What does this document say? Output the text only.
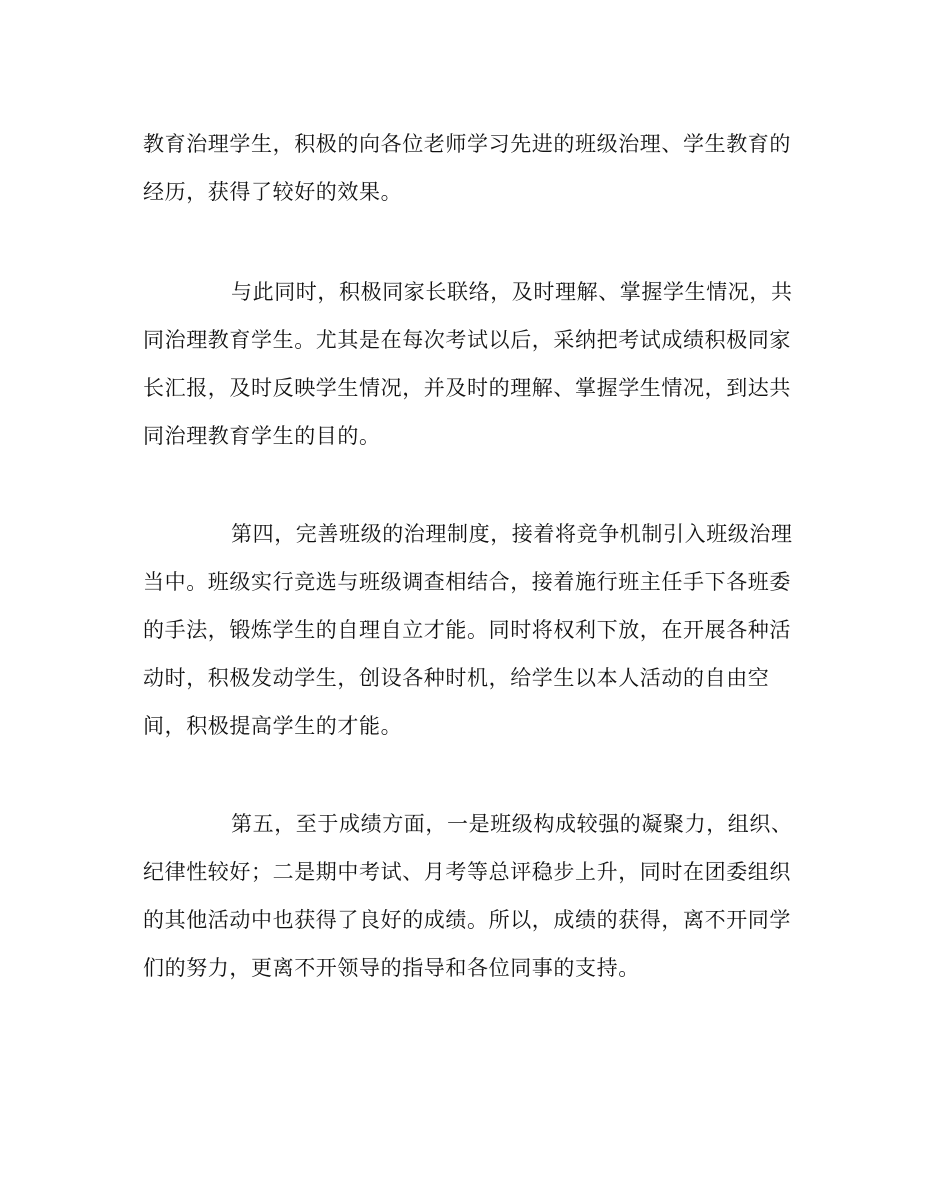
教育治理学生，积极的向各位老师学习先进的班级治理、学生教育的
经历，获得了较好的效果。
与此同时，积极同家长联络，及时理解、掌握学生情况，共
同治理教育学生。尤其是在每次考试以后，采纳把考试成绩积极同家
长汇报，及时反映学生情况，并及时的理解、掌握学生情况，到达共
同治理教育学生的目的。
第四，完善班级的治理制度，接着将竞争机制引入班级治理
当中。班级实行竞选与班级调查相结合，接着施行班主任手下各班委
的手法，锻炼学生的自理自立才能。同时将权利下放，在开展各种活
动时，积极发动学生，创设各种时机，给学生以本人活动的自由空
间，积极提高学生的才能。
第五，至于成绩方面，一是班级构成较强的凝聚力，组织、
纪律性较好；二是期中考试、月考等总评稳步上升，同时在团委组织
的其他活动中也获得了良好的成绩。所以，成绩的获得，离不开同学
们的努力，更离不开领导的指导和各位同事的支持。
